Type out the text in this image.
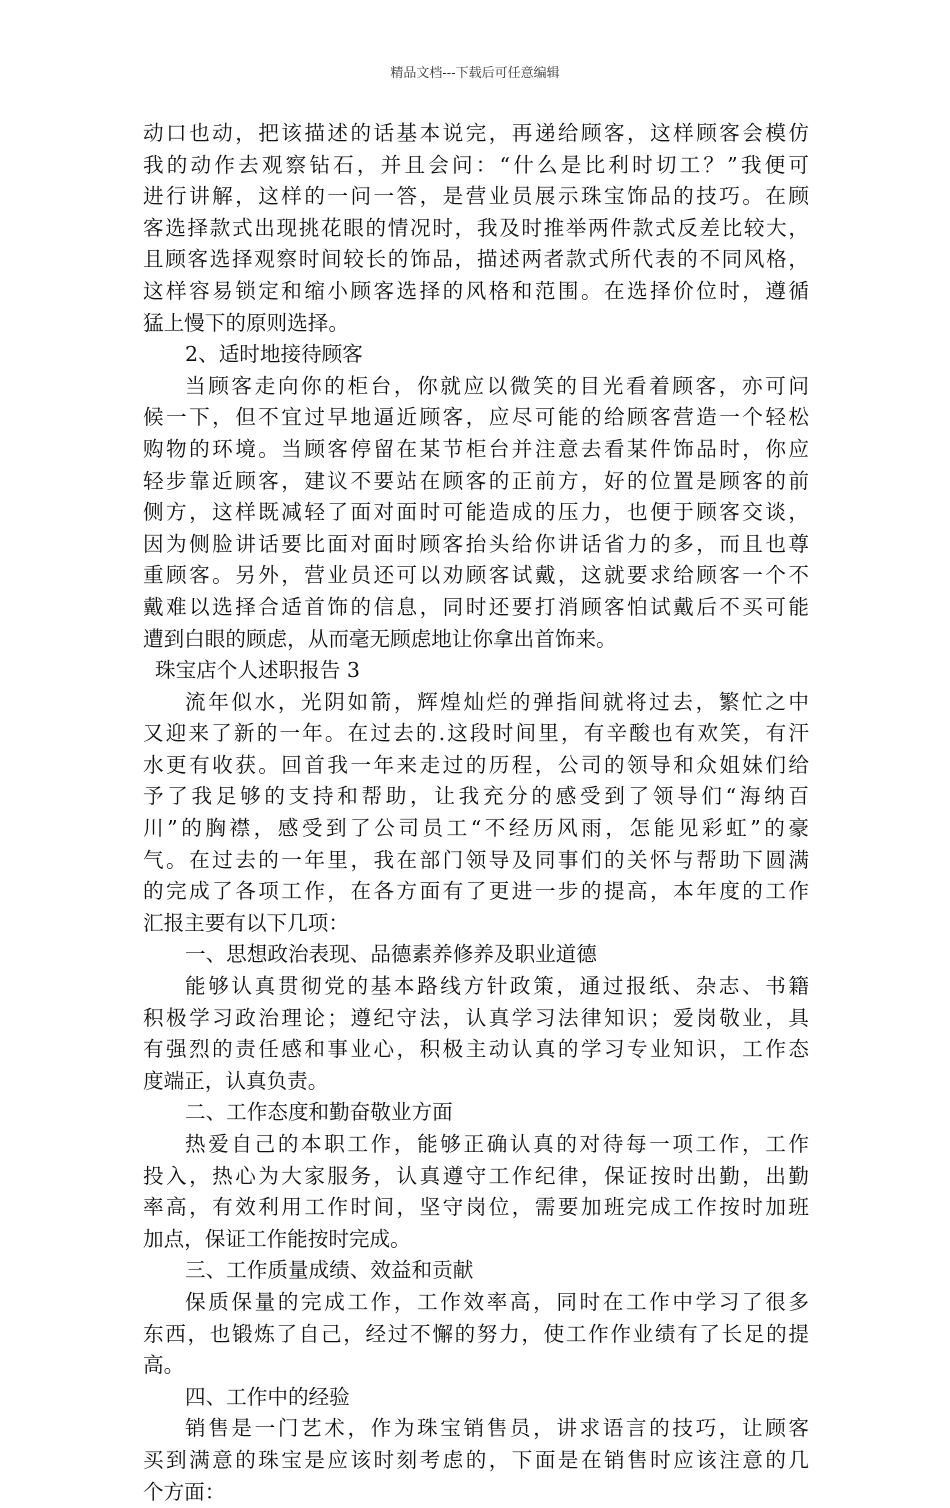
精品文档---下载后可任意编辑
动口也动，把该描述的话基本说完，再递给顾客，这样顾客会模仿
我的动作去观察钻石，并且会问：“什么是比利时切工？”我便可
进行讲解，这样的一问一答，是营业员展示珠宝饰品的技巧。在顾
客选择款式出现挑花眼的情况时，我及时推举两件款式反差比较大，
且顾客选择观察时间较长的饰品，描述两者款式所代表的不同风格，
这样容易锁定和缩小顾客选择的风格和范围。在选择价位时，遵循
猛上慢下的原则选择。
2、适时地接待顾客
当顾客走向你的柜台，你就应以微笑的目光看着顾客，亦可问
候一下，但不宜过早地逼近顾客，应尽可能的给顾客营造一个轻松
购物的环境。当顾客停留在某节柜台并注意去看某件饰品时，你应
轻步靠近顾客，建议不要站在顾客的正前方，好的位置是顾客的前
侧方，这样既减轻了面对面时可能造成的压力，也便于顾客交谈，
因为侧脸讲话要比面对面时顾客抬头给你讲话省力的多，而且也尊
重顾客。另外，营业员还可以劝顾客试戴，这就要求给顾客一个不
戴难以选择合适首饰的信息，同时还要打消顾客怕试戴后不买可能
遭到白眼的顾虑，从而毫无顾虑地让你拿出首饰来。
珠宝店个人述职报告 3
流年似水，光阴如箭，辉煌灿烂的弹指间就将过去，繁忙之中
又迎来了新的一年。在过去的.这段时间里，有辛酸也有欢笑，有汗
水更有收获。回首我一年来走过的历程，公司的领导和众姐妹们给
予了我足够的支持和帮助，让我充分的感受到了领导们“海纳百
川”的胸襟，感受到了公司员工“不经历风雨，怎能见彩虹”的豪
气。在过去的一年里，我在部门领导及同事们的关怀与帮助下圆满
的完成了各项工作，在各方面有了更进一步的提高，本年度的工作
汇报主要有以下几项：
一、思想政治表现、品德素养修养及职业道德
能够认真贯彻党的基本路线方针政策，通过报纸、杂志、书籍
积极学习政治理论；遵纪守法，认真学习法律知识；爱岗敬业，具
有强烈的责任感和事业心，积极主动认真的学习专业知识，工作态
度端正，认真负责。
二、工作态度和勤奋敬业方面
热爱自己的本职工作，能够正确认真的对待每一项工作，工作
投入，热心为大家服务，认真遵守工作纪律，保证按时出勤，出勤
率高，有效利用工作时间，坚守岗位，需要加班完成工作按时加班
加点，保证工作能按时完成。
三、工作质量成绩、效益和贡献
保质保量的完成工作，工作效率高，同时在工作中学习了很多
东西，也锻炼了自己，经过不懈的努力，使工作作业绩有了长足的提
高。
四、工作中的经验
销售是一门艺术，作为珠宝销售员，讲求语言的技巧，让顾客
买到满意的珠宝是应该时刻考虑的，下面是在销售时应该注意的几
个方面：
